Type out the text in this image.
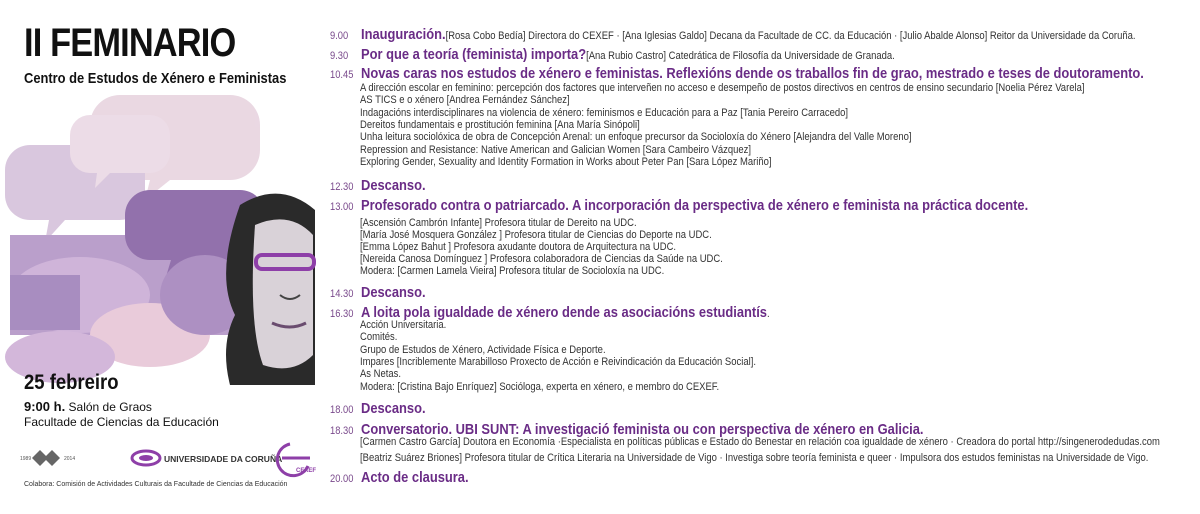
II FEMINARIO
Centro de Estudos de Xénero e Feministas
25 febreiro
9:00 h. Salón de Graos
Facultade de Ciencias da Educación
1989	2014	UNIVERSIDADE DA CORUÑA
CEXEF
Colabora: Comisión de Actividades Culturais da Facultade de Ciencias da Educación
9.00 Inauguración.[Rosa Cobo Bedía] Directora do CEXEF · [Ana Iglesias Galdo] Decana da Facultade de CC. da Educación · [Julio Abalde Alonso] Reitor da Universidade da Coruña.
9.30 Por que a teoría (feminista) importa?[Ana Rubio Castro] Catedrática de Filosofía da Universidade de Granada.
10.45 Novas caras nos estudos de xénero e feministas. Reflexións dende os traballos fin de grao, mestrado e teses de doutoramento.
A dirección escolar en feminino: percepción dos factores que interveñen no acceso e desempeño de postos directivos en centros de ensino secundario [Noelia Pérez Varela]
AS TICS e o xénero [Andrea Fernández Sánchez]
Indagacións interdisciplinares na violencia de xénero: feminismos e Educación para a Paz [Tania Pereiro Carracedo]
Dereitos fundamentais e prostitución feminina [Ana María Sinópoli]
Unha leitura sociolóxica de obra de Concepción Arenal: un enfoque precursor da Socioloxía do Xénero [Alejandra del Valle Moreno]
Repression and Resistance: Native American and Galician Women [Sara Cambeiro Vázquez]
Exploring Gender, Sexuality and Identity Formation in Works about Peter Pan [Sara López Mariño]
12.30 Descanso.
13.00 Profesorado contra o patriarcado. A incorporación da perspectiva de xénero e feminista na práctica docente.
[Ascensión Cambrón Infante] Profesora titular de Dereito na UDC.
[María José Mosquera González ] Profesora titular de Ciencias do Deporte na UDC.
[Emma López Bahut ] Profesora axudante doutora de Arquitectura na UDC.
[Nereida Canosa Domínguez ] Profesora colaboradora de Ciencias da Saúde na UDC.
Modera: [Carmen Lamela Vieira] Profesora titular de Socioloxía na UDC.
14.30 Descanso.
16.30 A loita pola igualdade de xénero dende as asociacións estudiantís.
Acción Universitaria.
Comités.
Grupo de Estudos de Xénero, Actividade Física e Deporte.
Impares [Incriblemente Marabilloso Proxecto de Acción e Reivindicación da Educación Social].
As Netas.
Modera: [Cristina Bajo Enríquez] Socióloga, experta en xénero, e membro do CEXEF.
18.00 Descanso.
18.30 Conversatorio. UBI SUNT: A investigació feminista ou con perspectiva de xénero en Galicia.
[Carmen Castro García] Doutora en Economía ·Especialista en políticas públicas e Estado do Benestar en relación coa igualdade de xénero · Creadora do portal http://singenerodedudas.com
[Beatriz Suárez Briones] Profesora titular de Crítica Literaria na Universidade de Vigo · Investiga sobre teoría feminista e queer · Impulsora dos estudos feministas na Universidade de Vigo.
20.00 Acto de clausura.
